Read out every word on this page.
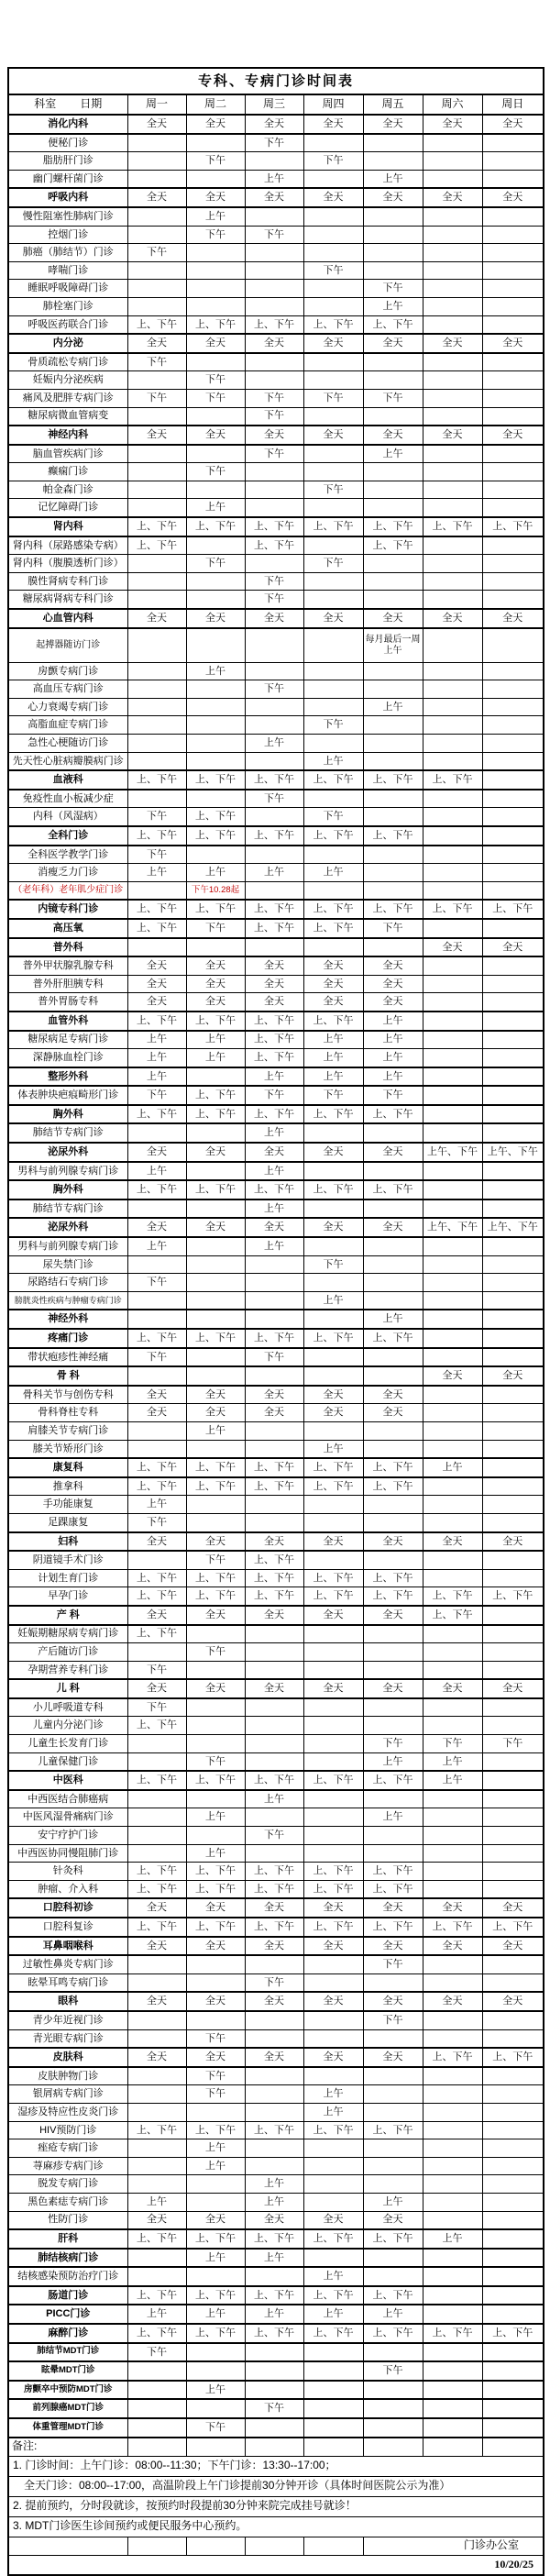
专科、专病门诊时间表							
科室 日期	周一	周二	周三	周四	周五	周六	周日
消化内科	全天	全天	全天	全天	全天	全天	全天
便秘门诊			下午				
脂肪肝门诊		下午		下午			
幽门螺杆菌门诊			上午		上午		
呼吸内科	全天	全天	全天	全天	全天	全天	全天
慢性阻塞性肺病门诊		上午					
控烟门诊		下午	下午				
肺癌（肺结节）门诊	下午						
哮喘门诊				下午			
睡眠呼吸障碍门诊					下午		
肺栓塞门诊					上午		
呼吸医药联合门诊	上、下午	上、下午	上、下午	上、下午	上、下午		
内分泌	全天	全天	全天	全天	全天	全天	全天
骨质疏松专病门诊	下午						
妊娠内分泌疾病		下午					
痛风及肥胖专病门诊	下午	下午	下午	下午	下午		
糖尿病微血管病变			下午				
神经内科	全天	全天	全天	全天	全天	全天	全天
脑血管疾病门诊			下午		上午		
癫痫门诊		下午					
帕金森门诊				下午			
记忆障碍门诊		上午					
肾内科	上、下午	上、下午	上、下午	上、下午	上、下午	上、下午	上、下午
肾内科（尿路感染专病）	上、下午		上、下午		上、下午		
肾内科（腹膜透析门诊）		下午		下午			
膜性肾病专科门诊			下午				
糖尿病肾病专科门诊			下午				
心血管内科	全天	全天	全天	全天	全天	全天	全天
起搏器随访门诊					每月最后一周上午		
房颤专病门诊		上午					
高血压专病门诊			下午				
心力衰竭专病门诊					上午		
高脂血症专病门诊				下午			
急性心梗随访门诊			上午				
先天性心脏病瓣膜病门诊				上午			
血液科	上、下午	上、下午	上、下午	上、下午	上、下午	上、下午	
免疫性血小板减少症			下午				
内科（风湿病）	下午	上、下午		下午			
全科门诊	上、下午	上、下午	上、下午	上、下午	上、下午		
全科医学教学门诊	下午						
消瘦乏力门诊	上午	上午	上午	上午			
（老年科）老年肌少症门诊		下午10.28起					
内镜专科门诊	上、下午	上、下午	上、下午	上、下午	上、下午	上、下午	上、下午
高压氧	上、下午	下午	上、下午	上、下午	下午		
普外科						全天	全天
普外甲状腺乳腺专科	全天	全天	全天	全天	全天		
普外肝胆胰专科	全天	全天	全天	全天	全天		
普外胃肠专科	全天	全天	全天	全天	全天		
血管外科	上、下午	上、下午	上、下午	上、下午	上午		
糖尿病足专病门诊	上午	上午	上、下午	上午	上午		
深静脉血栓门诊	上午	上午	上、下午	上午	上午		
整形外科	上午		上午	上午	上午		
体表肿块疤痕畸形门诊	下午	上、下午	下午	下午	下午		
胸外科	上、下午	上、下午	上、下午	上、下午	上、下午		
肺结节专病门诊			上午				
泌尿外科	全天	全天	全天	全天	全天	上午、下午	上午、下午
男科与前列腺专病门诊	上午		上午				
胸外科	上、下午	上、下午	上、下午	上、下午	上、下午		
肺结节专病门诊			上午				
泌尿外科	全天	全天	全天	全天	全天	上午、下午	上午、下午
男科与前列腺专病门诊	上午		上午				
尿失禁门诊				下午			
尿路结石专病门诊	下午						
膀胱炎性疾病与肿瘤专病门诊				上午			
神经外科					上午		
疼痛门诊	上、下午	上、下午	上、下午	上、下午	上、下午		
带状疱疹性神经痛	下午		下午				
骨 科						全天	全天
骨科关节与创伤专科	全天	全天	全天	全天	全天		
骨科脊柱专科	全天	全天	全天	全天	全天		
肩膝关节专病门诊		上午					
膝关节矫形门诊				上午			
康复科	上、下午	上、下午	上、下午	上、下午	上、下午	上午	
推拿科	上、下午	上、下午	上、下午	上、下午	上、下午		
手功能康复	上午						
足踝康复	下午						
妇科	全天	全天	全天	全天	全天	全天	全天
阴道镜手术门诊		下午	上、下午				
计划生育门诊	上、下午	上、下午	上、下午	上、下午	上、下午		
早孕门诊	上、下午	上、下午	上、下午	上、下午	上、下午	上、下午	上、下午
产 科	全天	全天	全天	全天	全天	上、下午	
妊娠期糖尿病专病门诊	上、下午						
产后随访门诊		下午					
孕期营养专科门诊	下午						
儿 科	全天	全天	全天	全天	全天	全天	全天
小儿呼吸道专科	下午						
儿童内分泌门诊	上、下午						
儿童生长发育门诊					下午	下午	下午
儿童保健门诊		下午			上午	上午	
中医科	上、下午	上、下午	上、下午	上、下午	上、下午	上午	
中西医结合肺癌病			上午				
中医风湿骨痛病门诊		上午			上午		
安宁疗护门诊			下午				
中西医协同慢阻肺门诊		上午					
针灸科	上、下午	上、下午	上、下午	上、下午	上、下午		
肿瘤、介入科	上、下午	上、下午	上、下午	上、下午	上、下午		
口腔科初诊	全天	全天	全天	全天	全天	全天	全天
口腔科复诊	上、下午	上、下午	上、下午	上、下午	上、下午	上、下午	上、下午
耳鼻咽喉科	全天	全天	全天	全天	全天	全天	全天
过敏性鼻炎专病门诊					下午		
眩晕耳鸣专病门诊			下午				
眼科	全天	全天	全天	全天	全天	全天	全天
青少年近视门诊					下午		
青光眼专病门诊		下午					
皮肤科	全天	全天	全天	全天	全天	上、下午	上、下午
皮肤肿物门诊		下午					
银屑病专病门诊		下午		上午			
湿疹及特应性皮炎门诊				上午			
HIV预防门诊	上、下午	上、下午	上、下午	上、下午	上、下午		
痤疮专病门诊		上午					
荨麻疹专病门诊		上午					
脱发专病门诊			上午				
黑色素痣专病门诊	上午		上午		上午		
性防门诊	全天	全天	全天	全天	全天		
肝科	上、下午	上、下午	上、下午	上、下午	上、下午	上午	
肺结核病门诊		上午	上午				
结核感染预防治疗门诊				上午			
肠道门诊	上、下午	上、下午	上、下午	上、下午	上、下午		
PICC门诊	上午	上午	上午	上午	上午		
麻醉门诊	上、下午	上、下午	上、下午	上、下午	上、下午	上、下午	上、下午
肺结节MDT门诊	下午						
眩晕MDT门诊					下午		
房颤卒中预防MDT门诊		上午					
前列腺癌MDT门诊			下午				
体重管理MDT门诊		下午					
备注:							
1. 门诊时间：上午门诊：08:00--11:30；下午门诊：13:30--17:00；							
全天门诊：08:00--17:00，高温阶段上午门诊提前30分钟开诊（具体时间医院公示为准）							
2. 提前预约，分时段就诊，按预约时段提前30分钟来院完成挂号就诊！							
3. MDT门诊医生诊间预约或便民服务中心预约。							
					门诊办公室		
10/20/25							
